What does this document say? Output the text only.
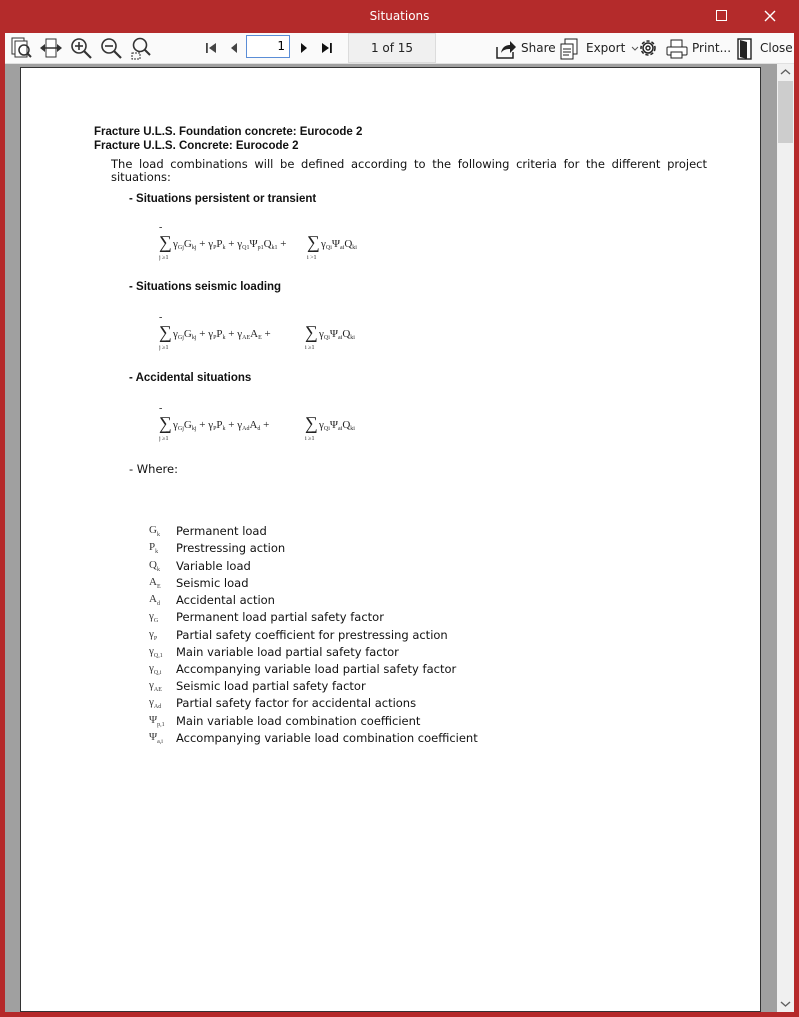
Situations
1	1 of 15	Share	Export	Print...	Close
Fracture U.L.S. Foundation concrete: Eurocode 2
Fracture U.L.S. Concrete: Eurocode 2
The load combinations will be defined according to the following criteria for the different project situations:
- Situations persistent or transient
-
∑
j ≥1
γGjGkj + γPPk + γQ1Ψp1Qk1 + ∑
i >1
γQiΨaiQki
- Situations seismic loading
-
∑
j ≥1
γGjGkj + γPPk + γAEAE + ∑
i ≥1
γQiΨaiQki
- Accidental situations
-
∑
j ≥1
γGjGkj + γPPk + γAdAd + ∑
i ≥1
γQiΨaiQki
- Where:
$G_k$	Permanent load
$P_k$	Prestressing action
$Q_k$	Variable load
$A_E$	Seismic load
$A_d$	Accidental action
$\gamma_G$	Permanent load partial safety factor
$\gamma_P$	Partial safety coefficient for prestressing action
$\gamma_{Q,1}$	Main variable load partial safety factor
$\gamma_{Q,i}$	Accompanying variable load partial safety factor
$\gamma_{AE}$	Seismic load partial safety factor
$\gamma_{Ad}$	Partial safety factor for accidental actions
$\Psi_{p,1}$ Main variable load combination coefficient
$\Psi_{a,i}$	Accompanying variable load combination coefficient
